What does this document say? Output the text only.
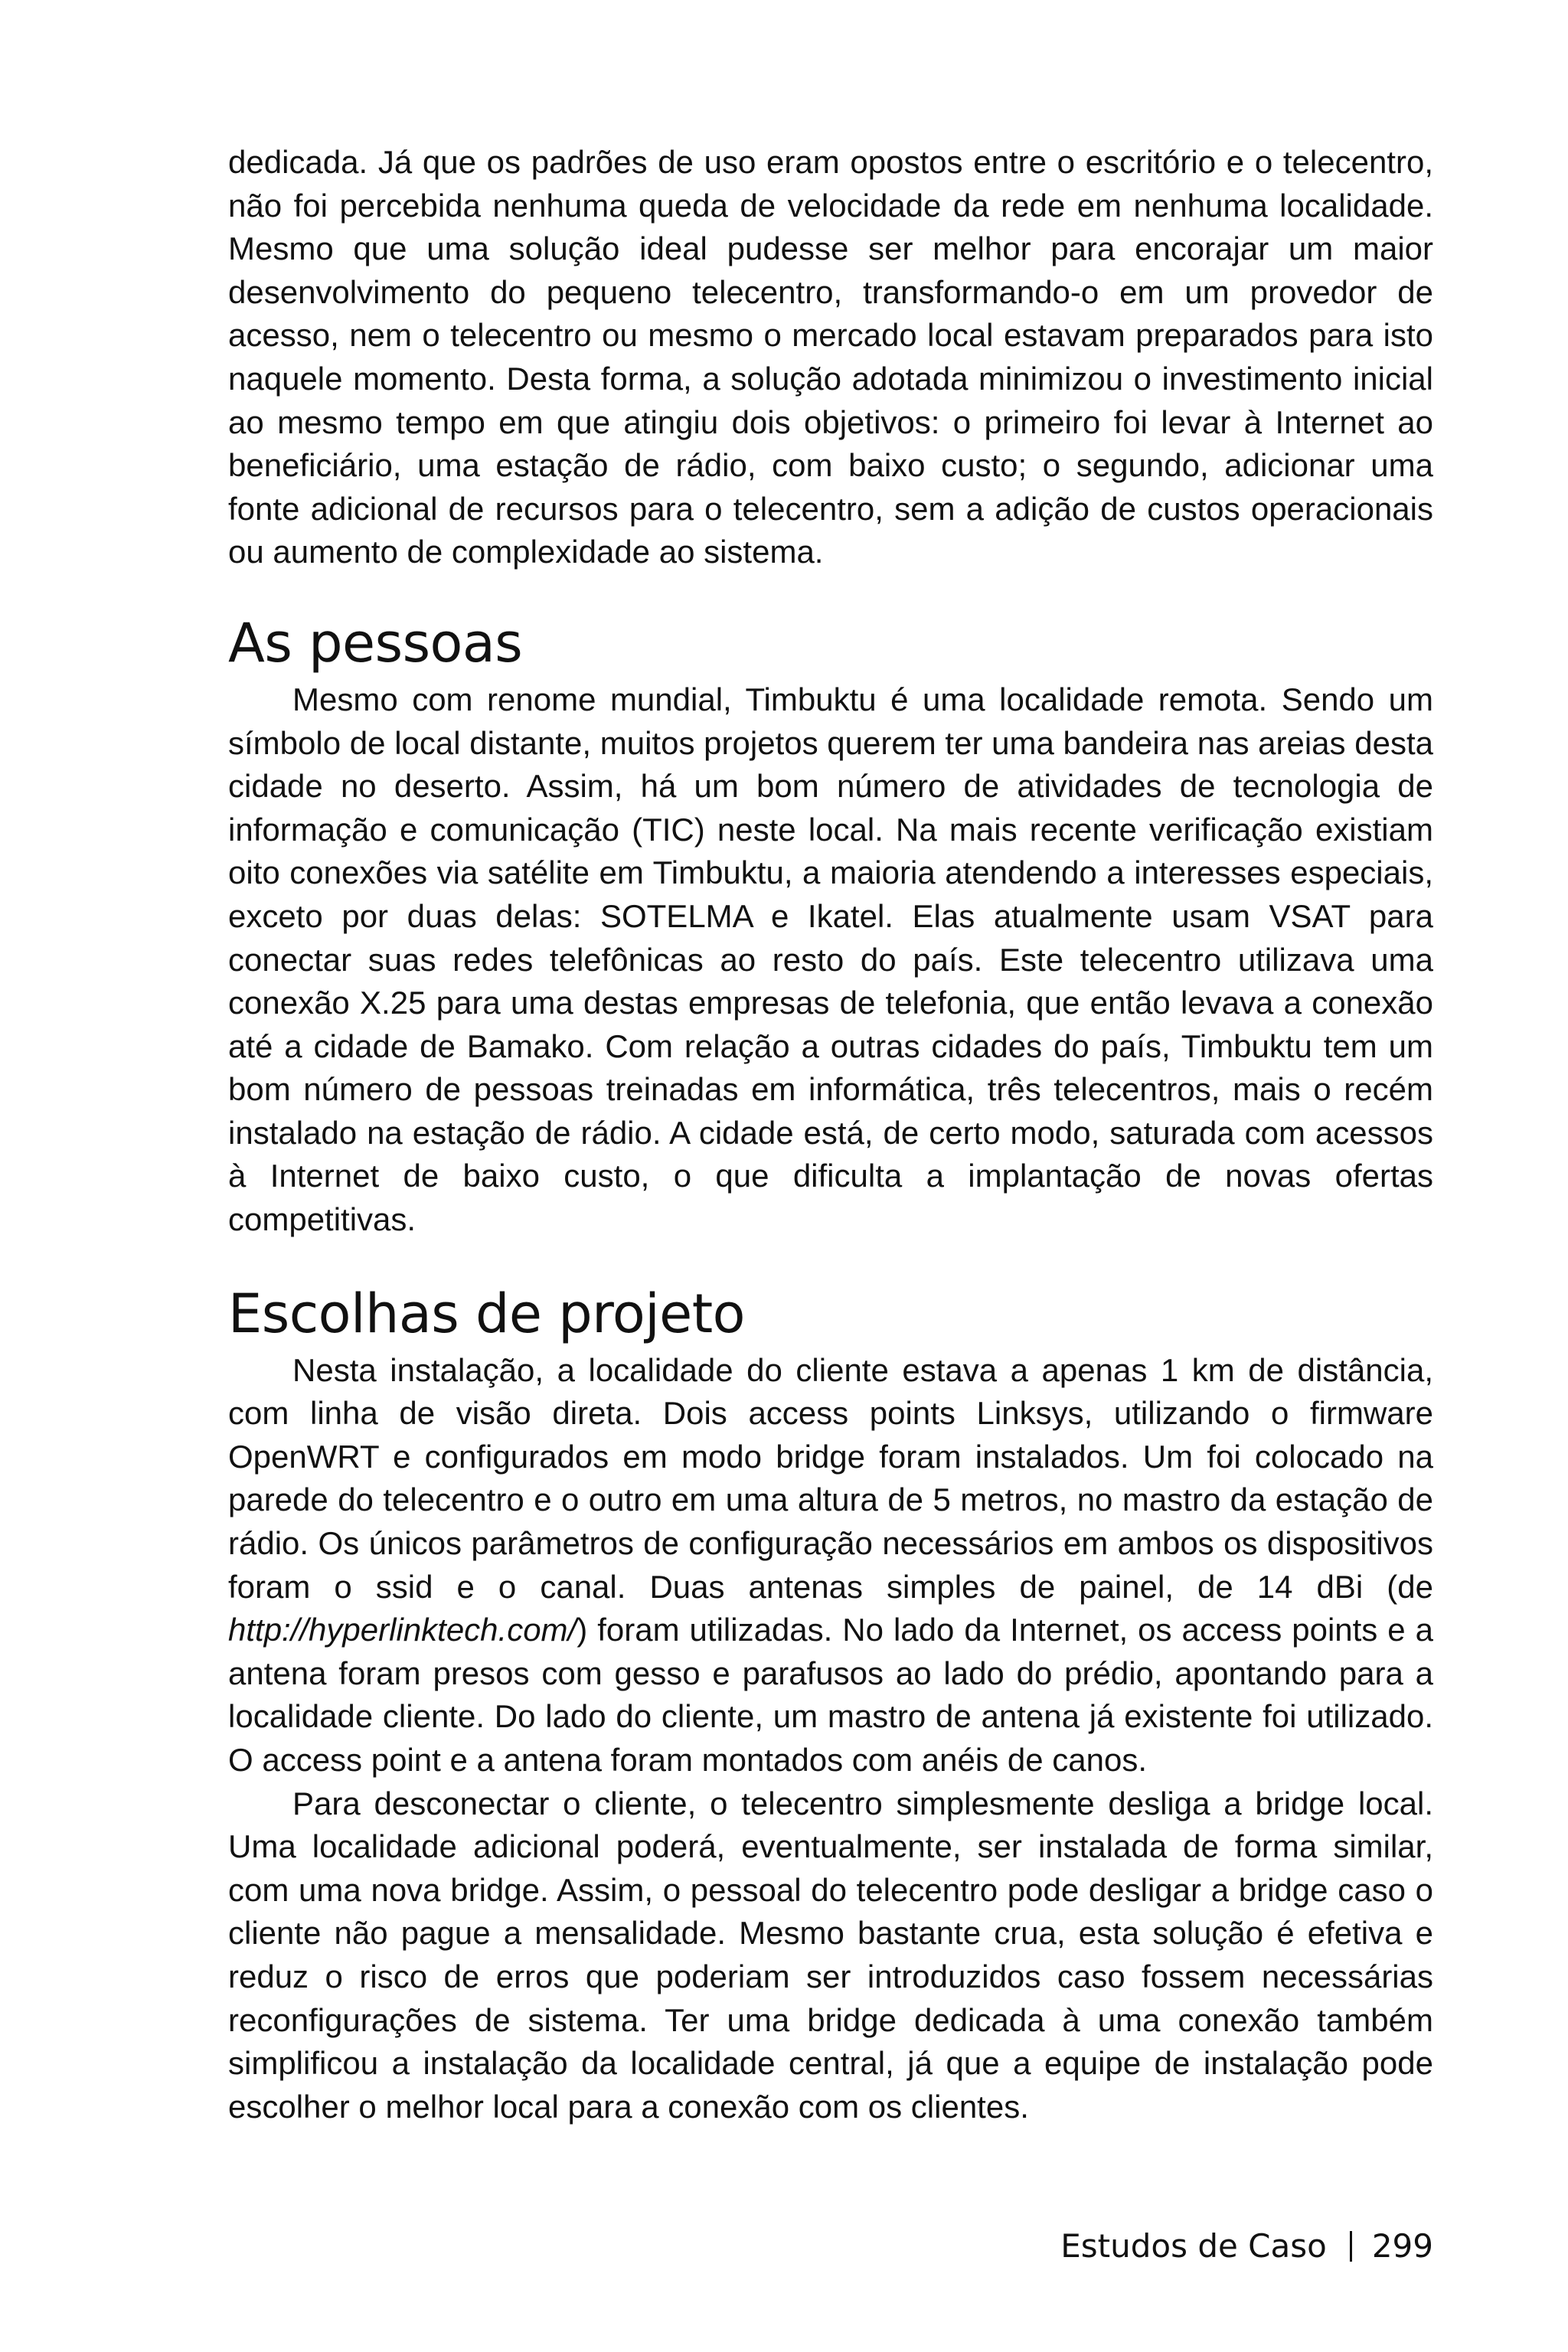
dedicada. Já que os padrões de uso eram opostos entre o escritório e o telecentro, não foi percebida nenhuma queda de velocidade da rede em nenhuma localidade. Mesmo que uma solução ideal pudesse ser melhor para encorajar um maior desenvolvimento do pequeno telecentro, transformando-o em um provedor de acesso, nem o telecentro ou mesmo o mercado local estavam preparados para isto naquele momento. Desta forma, a solução adotada minimizou o investimento inicial ao mesmo tempo em que atingiu dois objetivos: o primeiro foi levar à Internet ao beneficiário, uma estação de rádio, com baixo custo; o segundo, adicionar uma fonte adicional de recursos para o telecentro, sem a adição de custos operacionais ou aumento de complexidade ao sistema.

As pessoas

Mesmo com renome mundial, Timbuktu é uma localidade remota. Sendo um símbolo de local distante, muitos projetos querem ter uma bandeira nas areias desta cidade no deserto. Assim, há um bom número de atividades de tecnologia de informação e comunicação (TIC) neste local. Na mais recente verificação existiam oito conexões via satélite em Timbuktu, a maioria atendendo a interesses especiais, exceto por duas delas: SOTELMA e Ikatel. Elas atualmente usam VSAT para conectar suas redes telefônicas ao resto do país. Este telecentro utilizava uma conexão X.25 para uma destas empresas de telefonia, que então levava a conexão até a cidade de Bamako. Com relação a outras cidades do país, Timbuktu tem um bom número de pessoas treinadas em informática, três telecentros, mais o recém instalado na estação de rádio. A cidade está, de certo modo, saturada com acessos à Internet de baixo custo, o que dificulta a implantação de novas ofertas competitivas.

Escolhas de projeto

Nesta instalação, a localidade do cliente estava a apenas 1 km de distância, com linha de visão direta. Dois access points Linksys, utilizando o firmware OpenWRT e configurados em modo bridge foram instalados. Um foi colocado na parede do telecentro e o outro em uma altura de 5 metros, no mastro da estação de rádio. Os únicos parâmetros de configuração necessários em ambos os dispositivos foram o ssid e o canal. Duas antenas simples de painel, de 14 dBi (de http://hyperlinktech.com/) foram utilizadas. No lado da Internet, os access points e a antena foram presos com gesso e parafusos ao lado do prédio, apontando para a localidade cliente. Do lado do cliente, um mastro de antena já existente foi utilizado. O access point e a antena foram montados com anéis de canos.

Para desconectar o cliente, o telecentro simplesmente desliga a bridge local. Uma localidade adicional poderá, eventualmente, ser instalada de forma similar, com uma nova bridge. Assim, o pessoal do telecentro pode desligar a bridge caso o cliente não pague a mensalidade. Mesmo bastante crua, esta solução é efetiva e reduz o risco de erros que poderiam ser introduzidos caso fossem necessárias reconfigurações de sistema. Ter uma bridge dedicada à uma conexão também simplificou a instalação da localidade central, já que a equipe de instalação pode escolher o melhor local para a conexão com os clientes.

Estudos de Caso 299
